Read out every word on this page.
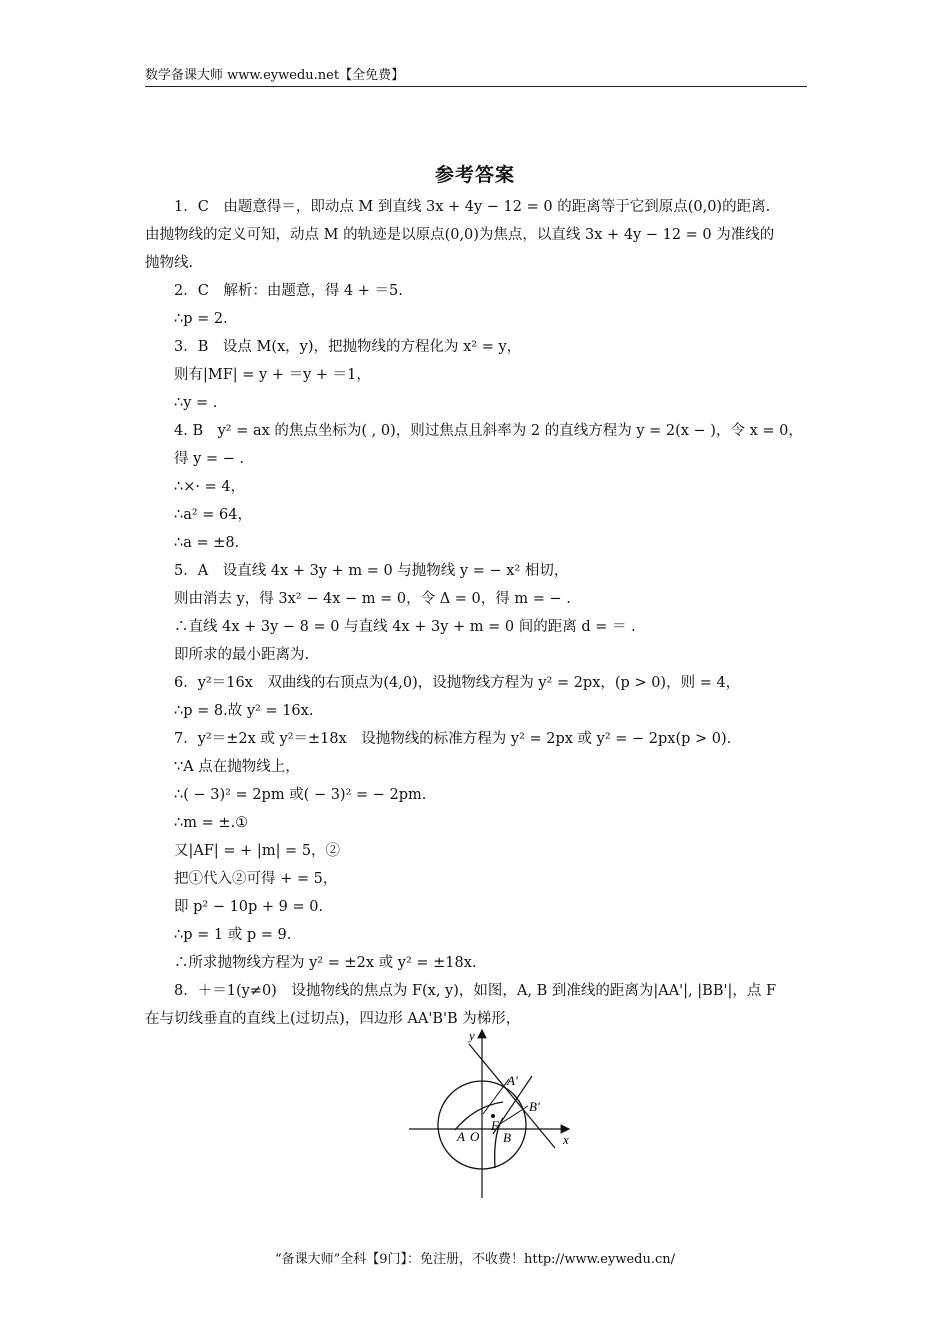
数学备课大师 www.eywedu.net【全免费】
参考答案
1．C　由题意得＝，即动点 M 到直线 3x + 4y − 12 = 0 的距离等于它到原点(0,0)的距离.
由抛物线的定义可知，动点 M 的轨迹是以原点(0,0)为焦点，以直线 3x + 4y − 12 = 0 为准线的
抛物线.
2．C　解析：由题意，得 4 + ＝5.
∴p = 2.
3．B　设点 M(x，y)，把抛物线的方程化为 x² = y，
则有|MF| = y + ＝y + ＝1，
∴y = .
4. B　y² = ax 的焦点坐标为( , 0)，则过焦点且斜率为 2 的直线方程为 y = 2(x − )，令 x = 0，
得 y = − .
∴×· = 4，
∴a² = 64，
∴a = ±8.
5．A　设直线 4x + 3y + m = 0 与抛物线 y = − x² 相切，
则由消去 y，得 3x² − 4x − m = 0，令 Δ = 0，得 m = − .
∴直线 4x + 3y − 8 = 0 与直线 4x + 3y + m = 0 间的距离 d = ＝ .
即所求的最小距离为.
6．y²＝16x　双曲线的右顶点为(4,0)，设抛物线方程为 y² = 2px，(p > 0)，则 = 4，
∴p = 8.故 y² = 16x.
7．y²＝±2x 或 y²＝±18x　设抛物线的标准方程为 y² = 2px 或 y² = − 2px(p > 0).
∵A 点在抛物线上，
∴( − 3)² = 2pm 或( − 3)² = − 2pm.
∴m = ±.①
又|AF| = + |m| = 5，②
把①代入②可得 + = 5，
即 p² − 10p + 9 = 0.
∴p = 1 或 p = 9.
∴所求抛物线方程为 y² = ±2x 或 y² = ±18x.
8．＋＝1(y≠0)　设抛物线的焦点为 F(x, y)，如图，A, B 到准线的距离为|AA'|, |BB'|，点 F
在与切线垂直的直线上(过切点)，四边形 AA'B'B 为梯形，
y
x
A′
B′
A O
F
B
“备课大师”全科【9门】：免注册，不收费！http://www.eywedu.cn/
